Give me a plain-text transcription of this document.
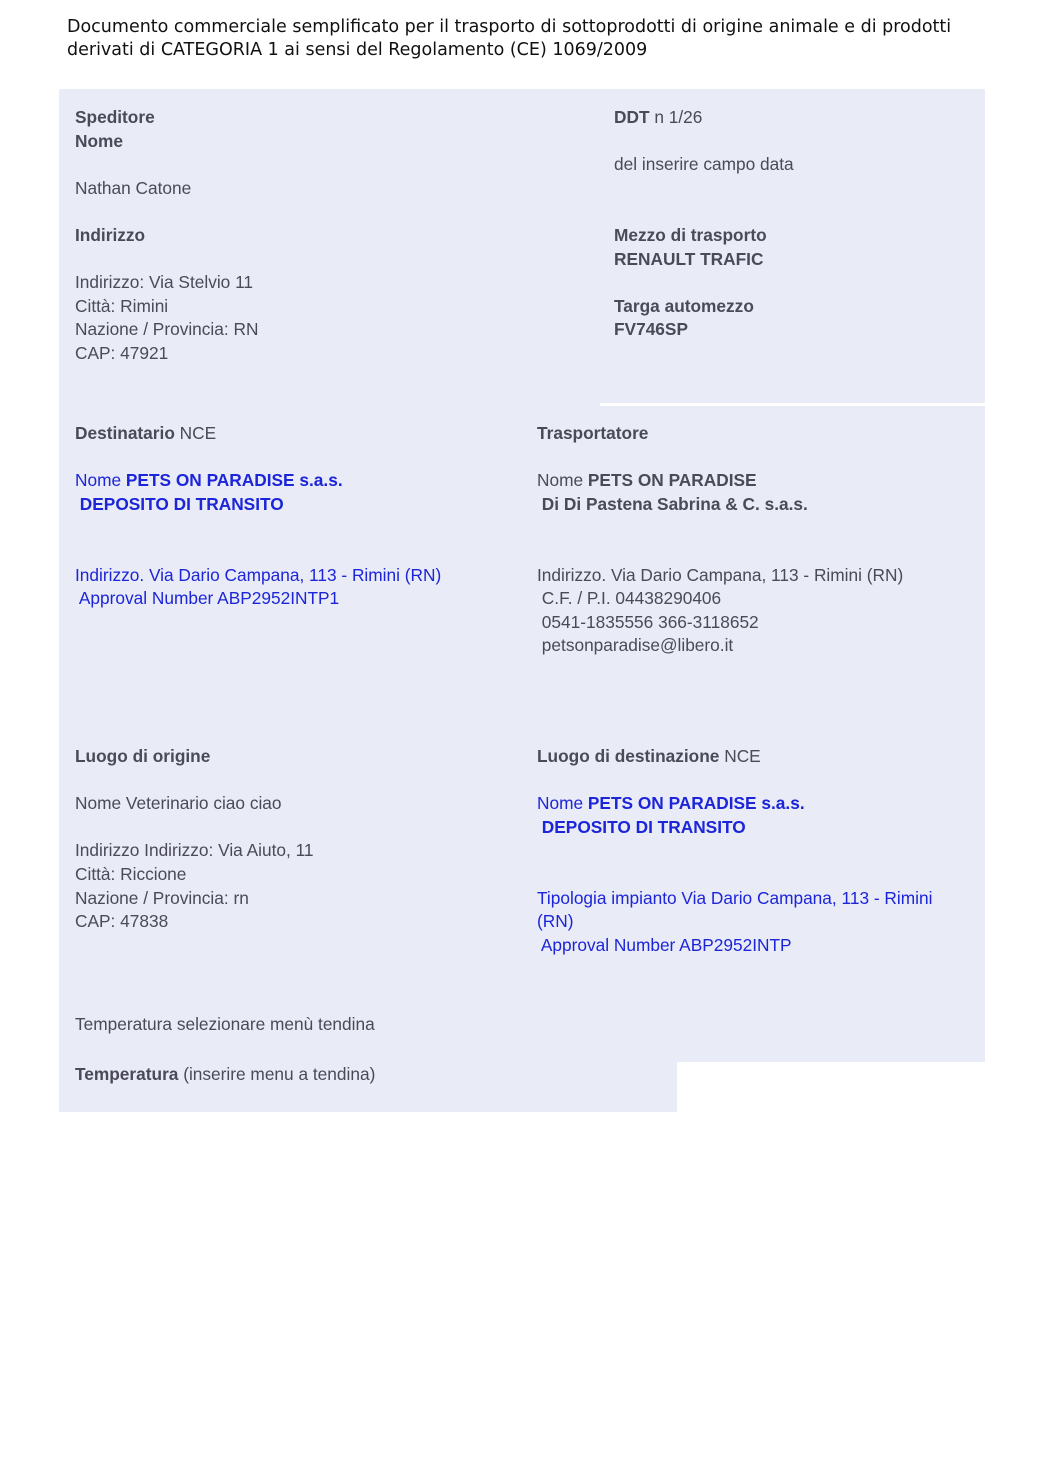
Documento commerciale semplificato per il trasporto di sottoprodotti di origine animale e di prodotti derivati di CATEGORIA 1 ai sensi del Regolamento (CE) 1069/2009

Speditore

Nome

Nathan Catone

Indirizzo

Indirizzo: Via Stelvio 11

Città: Rimini

Nazione / Provincia: RN

CAP: 47921

DDT n 1/26

del inserire campo data

Mezzo di trasporto

RENAULT TRAFIC

Targa automezzo

FV746SP

Destinatario NCE

Nome PETS ON PARADISE s.a.s.

DEPOSITO DI TRANSITO

Indirizzo. Via Dario Campana, 113 - Rimini (RN)

Approval Number ABP2952INTP1

Trasportatore

Nome PETS ON PARADISE

Di Di Pastena Sabrina & C. s.a.s.

Indirizzo. Via Dario Campana, 113 - Rimini (RN)

C.F. / P.I. 04438290406

0541-1835556 366-3118652

petsonparadise@libero.it

Luogo di origine

Nome Veterinario ciao ciao

Indirizzo Indirizzo: Via Aiuto, 11

Città: Riccione

Nazione / Provincia: rn

CAP: 47838

Luogo di destinazione NCE

Nome PETS ON PARADISE s.a.s.

DEPOSITO DI TRANSITO

Tipologia impianto Via Dario Campana, 113 - Rimini

(RN)

Approval Number ABP2952INTP

Temperatura selezionare menù tendina
Temperatura (inserire menu a tendina)
